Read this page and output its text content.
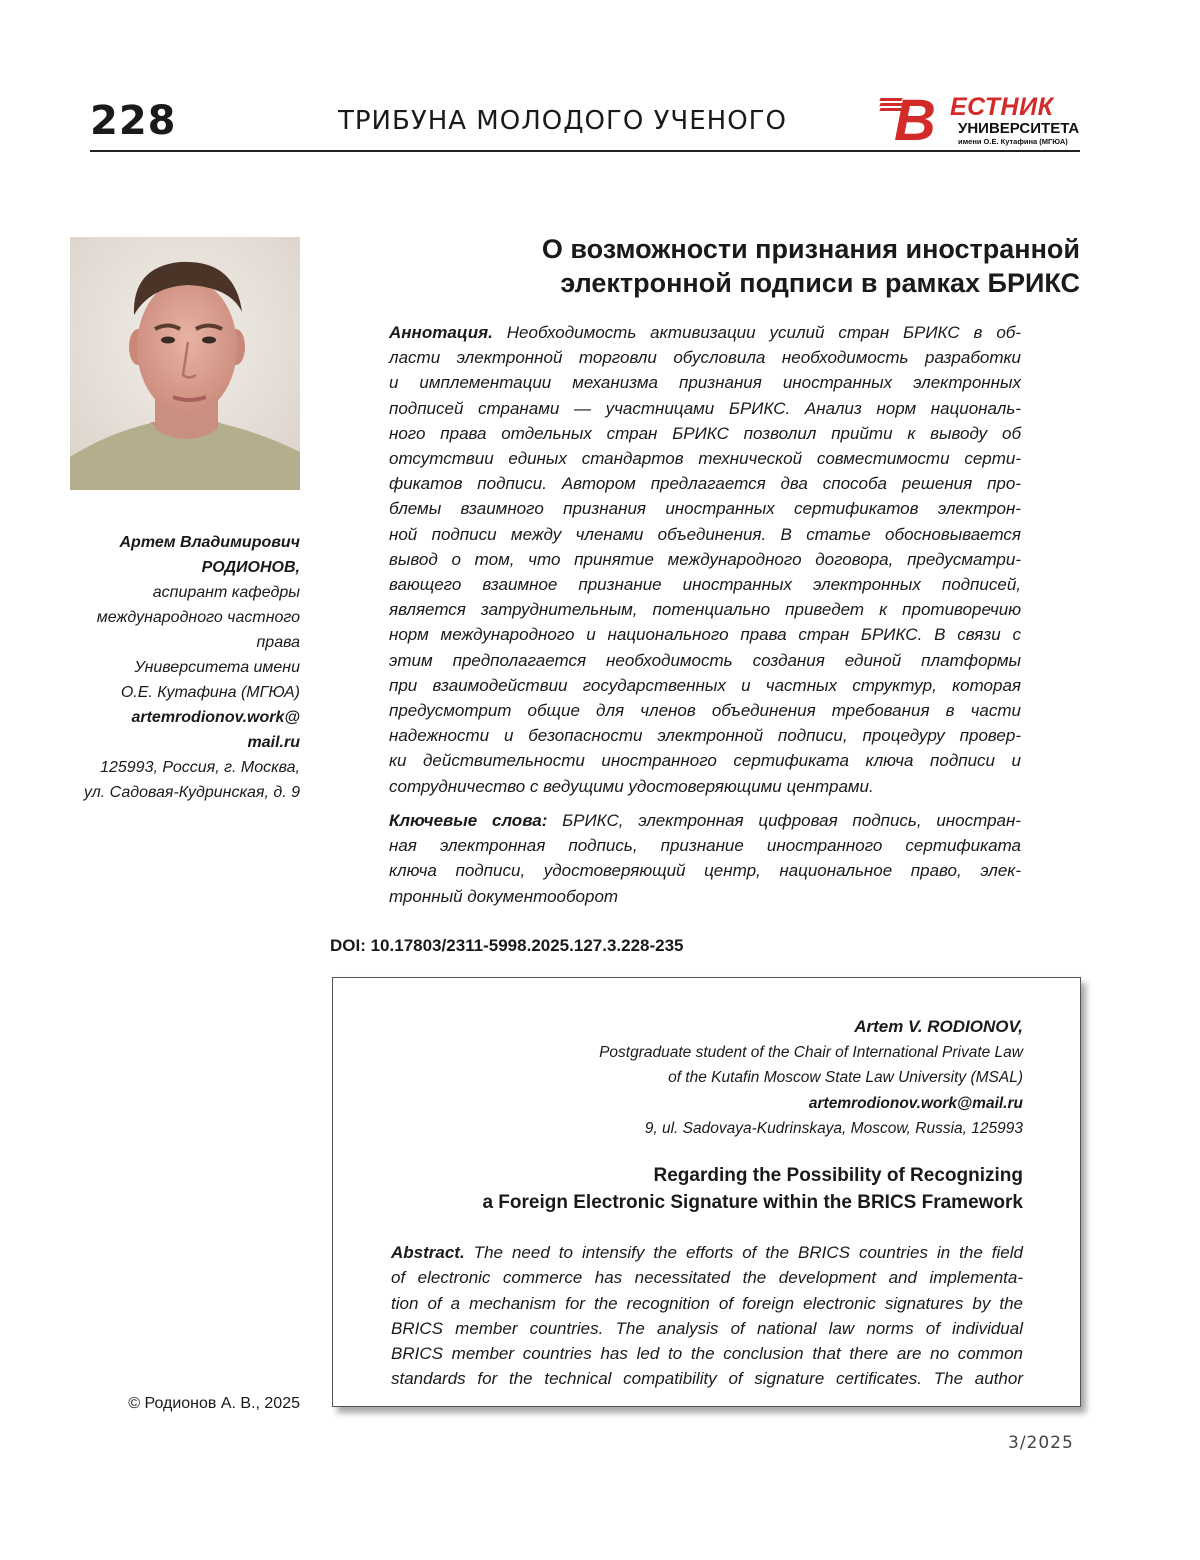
228	ТРИБУНА МОЛОДОГО УЧЕНОГО В ЕСТНИК
УНИВЕРСИТЕТА
имени О.Е. Кутафина (МГЮА)
Артем Владимирович
РОДИОНОВ,
аспирант кафедры
международного частного
права
Университета имени
О.Е. Кутафина (МГЮА)
artemrodionov.work@
mail.ru
125993, Россия, г. Москва,
ул. Садовая-Кудринская, д. 9
О возможности признания иностранной
электронной подписи в рамках БРИКС
Аннотация. Необходимость активизации усилий стран БРИКС в об-
ласти электронной торговли обусловила необходимость разработки
и имплементации механизма признания иностранных электронных
подписей странами — участницами БРИКС. Анализ норм националь-
ного права отдельных стран БРИКС позволил прийти к выводу об
отсутствии единых стандартов технической совместимости серти-
фикатов подписи. Автором предлагается два способа решения про-
блемы взаимного признания иностранных сертификатов электрон-
ной подписи между членами объединения. В статье обосновывается
вывод о том, что принятие международного договора, предусматри-
вающего взаимное признание иностранных электронных подписей,
является затруднительным, потенциально приведет к противоречию
норм международного и национального права стран БРИКС. В связи с
этим предполагается необходимость создания единой платформы
при взаимодействии государственных и частных структур, которая
предусмотрит общие для членов объединения требования в части
надежности и безопасности электронной подписи, процедуру провер-
ки действительности иностранного сертификата ключа подписи и
сотрудничество с ведущими удостоверяющими центрами.
Ключевые слова: БРИКС, электронная цифровая подпись, иностран-
ная электронная подпись, признание иностранного сертификата
ключа подписи, удостоверяющий центр, национальное право, элек-
тронный документооборот
DOI: 10.17803/2311-5998.2025.127.3.228-235
Artem V. RODIONOV,
Postgraduate student of the Chair of International Private Law
of the Kutafin Moscow State Law University (MSAL)
artemrodionov.work@mail.ru
9, ul. Sadovaya-Kudrinskaya, Moscow, Russia, 125993
Regarding the Possibility of Recognizing
a Foreign Electronic Signature within the BRICS Framework
Abstract. The need to intensify the efforts of the BRICS countries in the field
of electronic commerce has necessitated the development and implementa-
tion of a mechanism for the recognition of foreign electronic signatures by the
BRICS member countries. The analysis of national law norms of individual
BRICS member countries has led to the conclusion that there are no common
standards for the technical compatibility of signature certificates. The author
© Родионов А. В., 2025
3/2025
